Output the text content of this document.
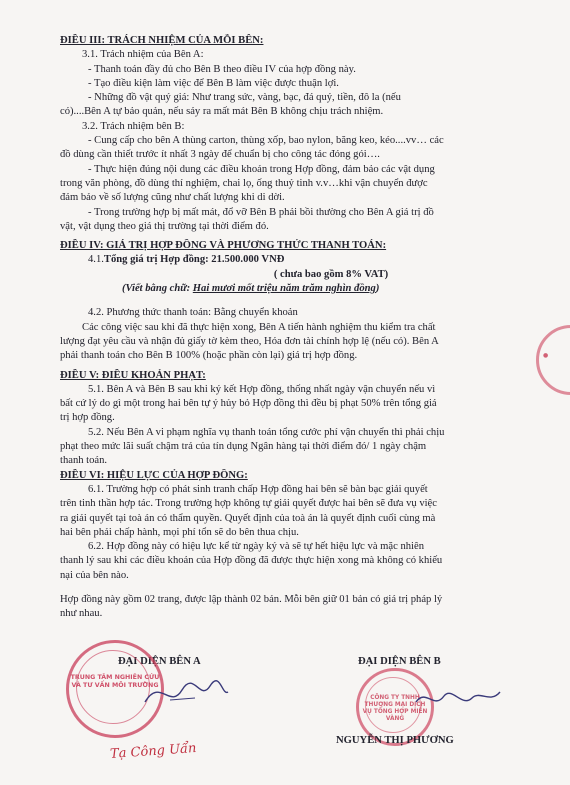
ĐIỀU III: TRÁCH NHIỆM CỦA MỖI BÊN:
3.1. Trách nhiệm của Bên A:
- Thanh toán đầy đủ cho Bên B theo điều IV của hợp đồng này.
- Tạo điều kiện làm việc để Bên B làm việc được thuận lợi.
- Những đồ vật quý giá: Như trang sức, vàng, bạc, đá quý, tiền, đô la (nếu
có)....Bên A tự bảo quản, nếu sảy ra mất mát Bên B không chịu trách nhiệm.
3.2. Trách nhiệm bên B:
- Cung cấp cho bên A thùng carton, thùng xốp, bao nylon, băng keo, kéo....vv… các
đồ dùng cần thiết trước ít nhất 3 ngày để chuẩn bị cho công tác đóng gói….
- Thực hiện đúng nội dung các điều khoản trong Hợp đồng, đảm bảo các vật dụng
trong văn phòng, đồ dùng thí nghiệm, chai lọ, ống thuỷ tinh v.v…khi vận chuyển được
đảm bảo về số lượng cũng như chất lượng khi di dời.
- Trong trường hợp bị mất mát, đổ vỡ Bên B phải bồi thường cho Bên A giá trị đồ
vật, vật dụng theo giá thị trường tại thời điểm đó.
ĐIỀU IV: GIÁ TRỊ HỢP ĐỒNG VÀ PHƯƠNG THỨC THANH TOÁN:
4.1.Tổng giá trị Hợp đồng: 21.500.000 VNĐ
( chưa bao gồm 8% VAT)
(Viết bằng chữ: Hai mươi mốt triệu năm trăm nghìn đồng)
4.2. Phương thức thanh toán: Bằng chuyển khoản
Các công việc sau khi đã thực hiện xong, Bên A tiến hành nghiệm thu kiểm tra chất
lượng đạt yêu cầu và nhận đủ giấy tờ kèm theo, Hóa đơn tài chính hợp lệ (nếu có). Bên A
phải thanh toán cho Bên B 100% (hoặc phần còn lại) giá trị hợp đồng.
ĐIỀU V: ĐIỀU KHOẢN PHẠT:
5.1. Bên A và Bên B sau khi ký kết Hợp đồng, thống nhất ngày vận chuyển nếu vì
bất cứ lý do gì một trong hai bên tự ý hủy bỏ Hợp đồng thì đều bị phạt 50% trên tổng giá
trị hợp đồng.
5.2. Nếu Bên A vi phạm nghĩa vụ thanh toán tổng cước phí vận chuyển thì phải chịu
phạt theo mức lãi suất chậm trả của tín dụng Ngân hàng tại thời điểm đó/ 1 ngày chậm
thanh toán.
ĐIỀU VI: HIỆU LỰC CỦA HỢP ĐỒNG:
6.1. Trường hợp có phát sinh tranh chấp Hợp đồng hai bên sẽ bàn bạc giải quyết
trên tinh thần hợp tác. Trong trường hợp không tự giải quyết được hai bên sẽ đưa vụ việc
ra giải quyết tại toà án có thẩm quyền. Quyết định của toà án là quyết định cuối cùng mà
hai bên phải chấp hành, mọi phí tổn sẽ do bên thua chịu.
6.2. Hợp đồng này có hiệu lực kể từ ngày ký và sẽ tự hết hiệu lực và mặc nhiên
thanh lý sau khi các điều khoản của Hợp đồng đã được thực hiện xong mà không có khiếu
nại của bên nào.
Hợp đồng này gồm 02 trang, được lập thành 02 bản. Mỗi bên giữ 01 bản có giá trị pháp lý
như nhau.
●
ĐẠI DIỆN BÊN A
TRUNG TÂM NGHIÊN CỨU VÀ TƯ VẤN MÔI TRƯỜNG
Tạ Công Uẩn
ĐẠI DIỆN BÊN B
CÔNG TY TNHH THƯƠNG MẠI DỊCH VỤ TỔNG HỢP MIỀN VÀNG
NGUYỄN THỊ PHƯƠNG
